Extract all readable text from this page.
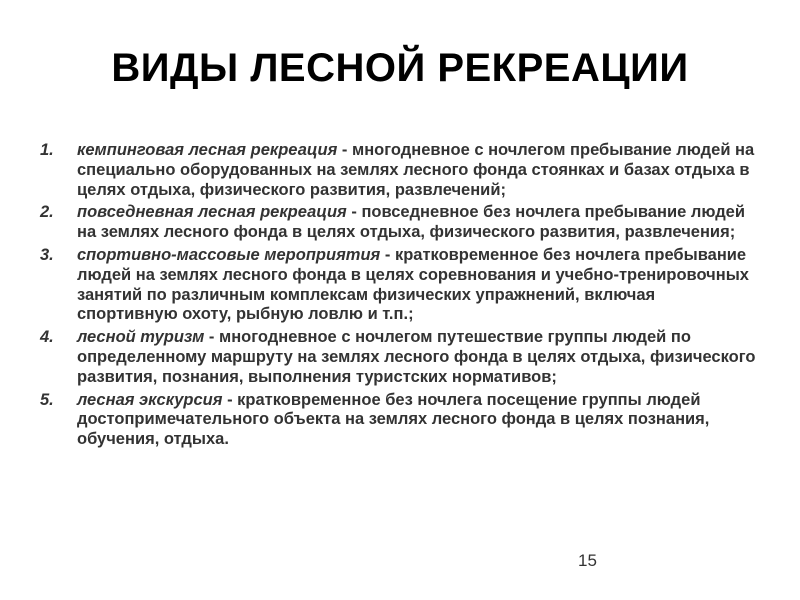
ВИДЫ ЛЕСНОЙ РЕКРЕАЦИИ
1. кемпинговая лесная рекреация - многодневное с ночлегом пребывание людей на специально оборудованных на землях лесного фонда стоянках и базах отдыха в целях отдыха, физического развития, развлечений;
2. повседневная лесная рекреация - повседневное без ночлега пребывание людей на землях лесного фонда в целях отдыха, физического развития, развлечения;
3. спортивно-массовые мероприятия - кратковременное без ночлега пребывание людей на землях лесного фонда в целях соревнования и учебно-тренировочных занятий по различным комплексам физических упражнений, включая спортивную охоту, рыбную ловлю и т.п.;
4. лесной туризм - многодневное с ночлегом путешествие группы людей по определенному маршруту на землях лесного фонда в целях отдыха, физического развития, познания, выполнения туристских нормативов;
5. лесная экскурсия - кратковременное без ночлега посещение группы людей достопримечательного объекта на землях лесного фонда в целях познания, обучения, отдыха.
15
